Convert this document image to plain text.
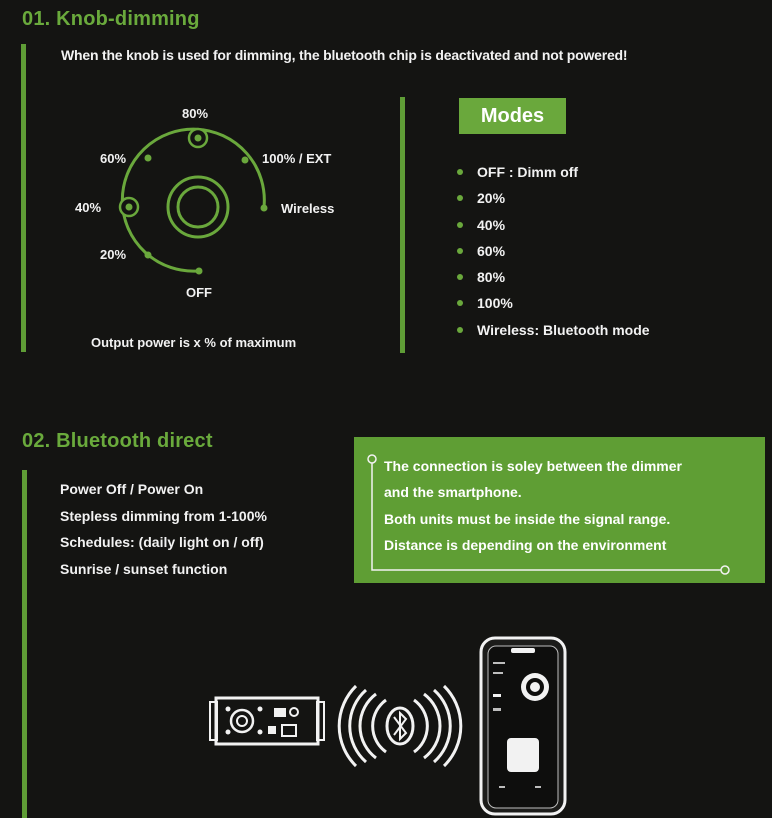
01. Knob-dimming
When the knob is used for dimming, the bluetooth chip is deactivated and not powered!
80%
60%	100% / EXT
40%	Wireless
20%
OFF
Output power is x % of maximum
Modes
OFF : Dimm off
20%
40%
60%
80%
100%
Wireless: Bluetooth mode
02. Bluetooth direct
Power Off / Power On
Stepless dimming from 1-100%
Schedules: (daily light on / off)
Sunrise / sunset function
The connection is soley between the dimmer
and the smartphone.
Both units must be inside the signal range.
Distance is depending on the environment
